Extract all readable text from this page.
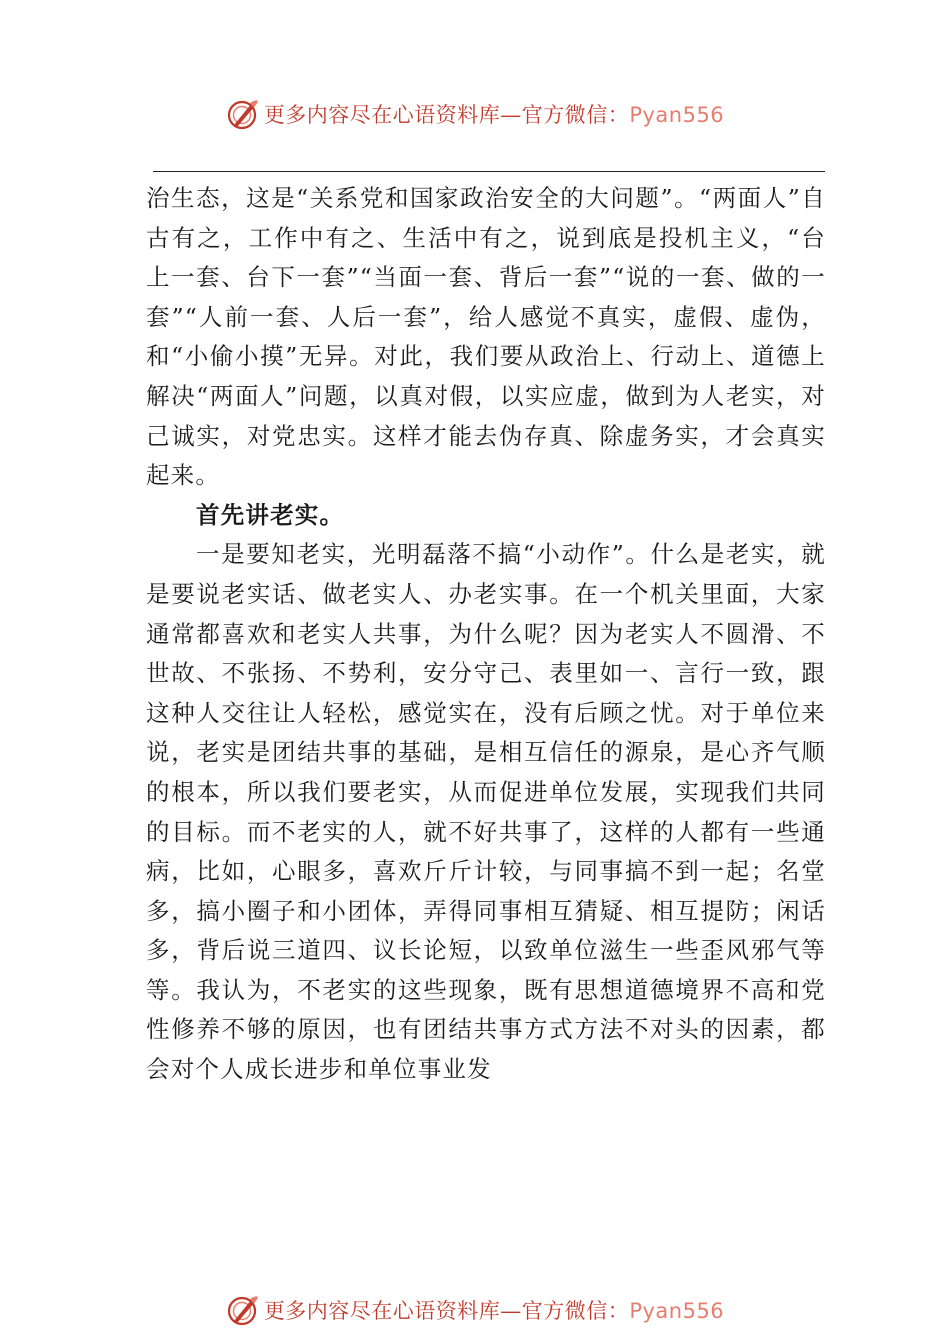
更多内容尽在心语资料库—官方微信：Pyan556

治生态，这是“关系党和国家政治安全的大问题”。“两面人”自古有之，工作中有之、生活中有之，说到底是投机主义，“台上一套、台下一套”“当面一套、背后一套”“说的一套、做的一套”“人前一套、人后一套”，给人感觉不真实，虚假、虚伪，和“小偷小摸”无异。对此，我们要从政治上、行动上、道德上解决“两面人”问题，以真对假，以实应虚，做到为人老实，对己诚实，对党忠实。这样才能去伪存真、除虚务实，才会真实起来。

首先讲老实。

一是要知老实，光明磊落不搞“小动作”。什么是老实，就是要说老实话、做老实人、办老实事。在一个机关里面，大家通常都喜欢和老实人共事，为什么呢？因为老实人不圆滑、不世故、不张扬、不势利，安分守己、表里如一、言行一致，跟这种人交往让人轻松，感觉实在，没有后顾之忧。对于单位来说，老实是团结共事的基础，是相互信任的源泉，是心齐气顺的根本，所以我们要老实，从而促进单位发展，实现我们共同的目标。而不老实的人，就不好共事了，这样的人都有一些通病，比如，心眼多，喜欢斤斤计较，与同事搞不到一起；名堂多，搞小圈子和小团体，弄得同事相互猜疑、相互提防；闲话多，背后说三道四、议长论短，以致单位滋生一些歪风邪气等等。我认为，不老实的这些现象，既有思想道德境界不高和党性修养不够的原因，也有团结共事方式方法不对头的因素，都会对个人成长进步和单位事业发

更多内容尽在心语资料库—官方微信：Pyan556
